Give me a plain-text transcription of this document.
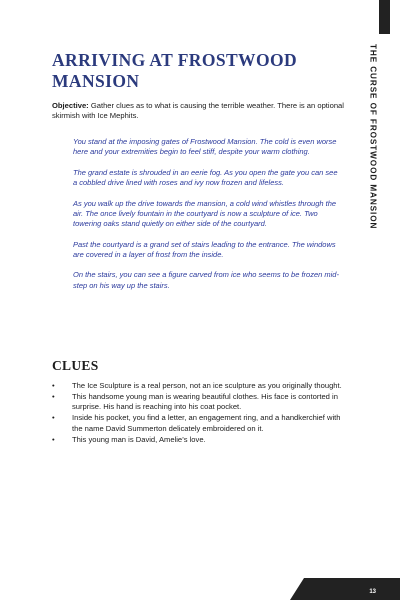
THE CURSE OF FROSTWOOD MANSION
ARRIVING AT FROSTWOOD MANSION

Objective: Gather clues as to what is causing the terrible weather. There is an optional skirmish with Ice Mephits.

You stand at the imposing gates of Frostwood Mansion. The cold is even worse here and your extremities begin to feel stiff, despite your warm clothing.

The grand estate is shrouded in an eerie fog. As you open the gate you can see a cobbled drive lined with roses and ivy now frozen and lifeless.

As you walk up the drive towards the mansion, a cold wind whistles through the air. The once lively fountain in the courtyard is now a sculpture of ice. Two towering oaks stand quietly on either side of the courtyard.

Past the courtyard is a grand set of stairs leading to the entrance. The windows are covered in a layer of frost from the inside.

On the stairs, you can see a figure carved from ice who seems to be frozen mid-step on his way up the stairs.

CLUES
• The Ice Sculpture is a real person, not an ice sculpture as you originally thought.
• This handsome young man is wearing beautiful clothes. His face is contorted in surprise. His hand is reaching into his coat pocket.
• Inside his pocket, you find a letter, an engagement ring, and a handkerchief with the name David Summerton delicately embroidered on it.
• This young man is David, Amelie’s love.
13
